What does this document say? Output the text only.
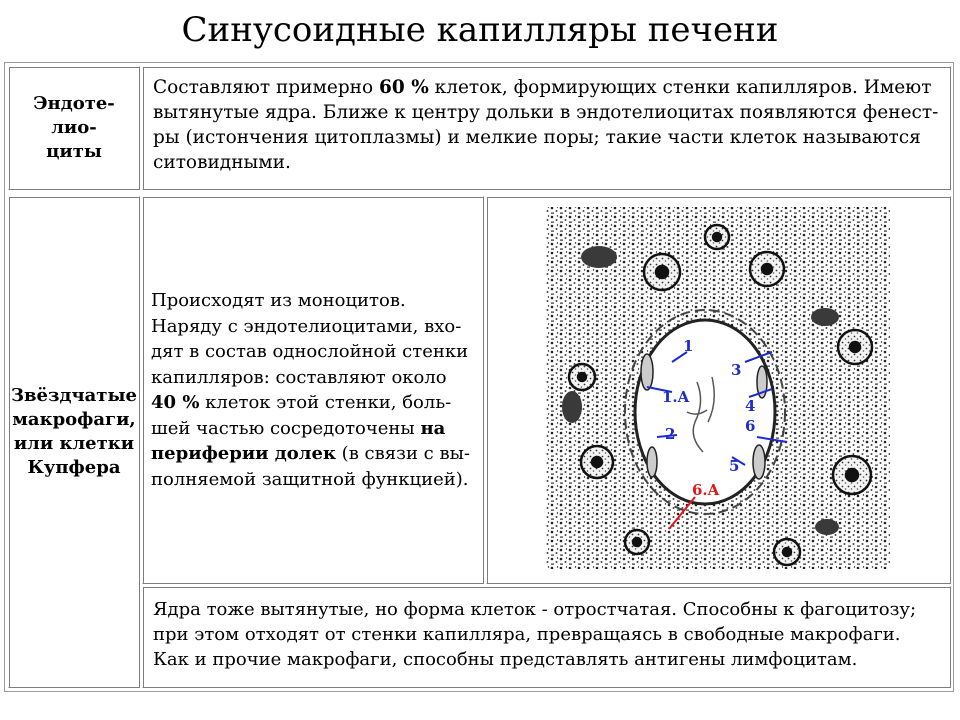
Синусоидные капилляры печени
Эндоте-
лио-
циты
Составляют примерно 60 % клеток, формирующих стенки капилляров. Имеют вытянутые ядра. Ближе к центру дольки в эндотелиоцитах появляются фенест-ры (истончения цитоплазмы) и мелкие поры; такие части клеток называются ситовидными.
Звёздчатые
макрофаги,
или клетки
Купфера
Происходят из моноцитов. Наряду с эндотелиоцитами, вхо-дят в состав однослойной стенки капилляров: составляют около 40 % клеток этой стенки, боль-шей частью сосредоточены на периферии долек (в связи с вы-полняемой защитной функцией).
1
1.A
2
3
4
5
6
6.A
Ядра тоже вытянутые, но форма клеток - отростчатая. Способны к фагоцитозу; при этом отходят от стенки капилляра, превращаясь в свободные макрофаги. Как и прочие макрофаги, способны представлять антигены лимфоцитам.
